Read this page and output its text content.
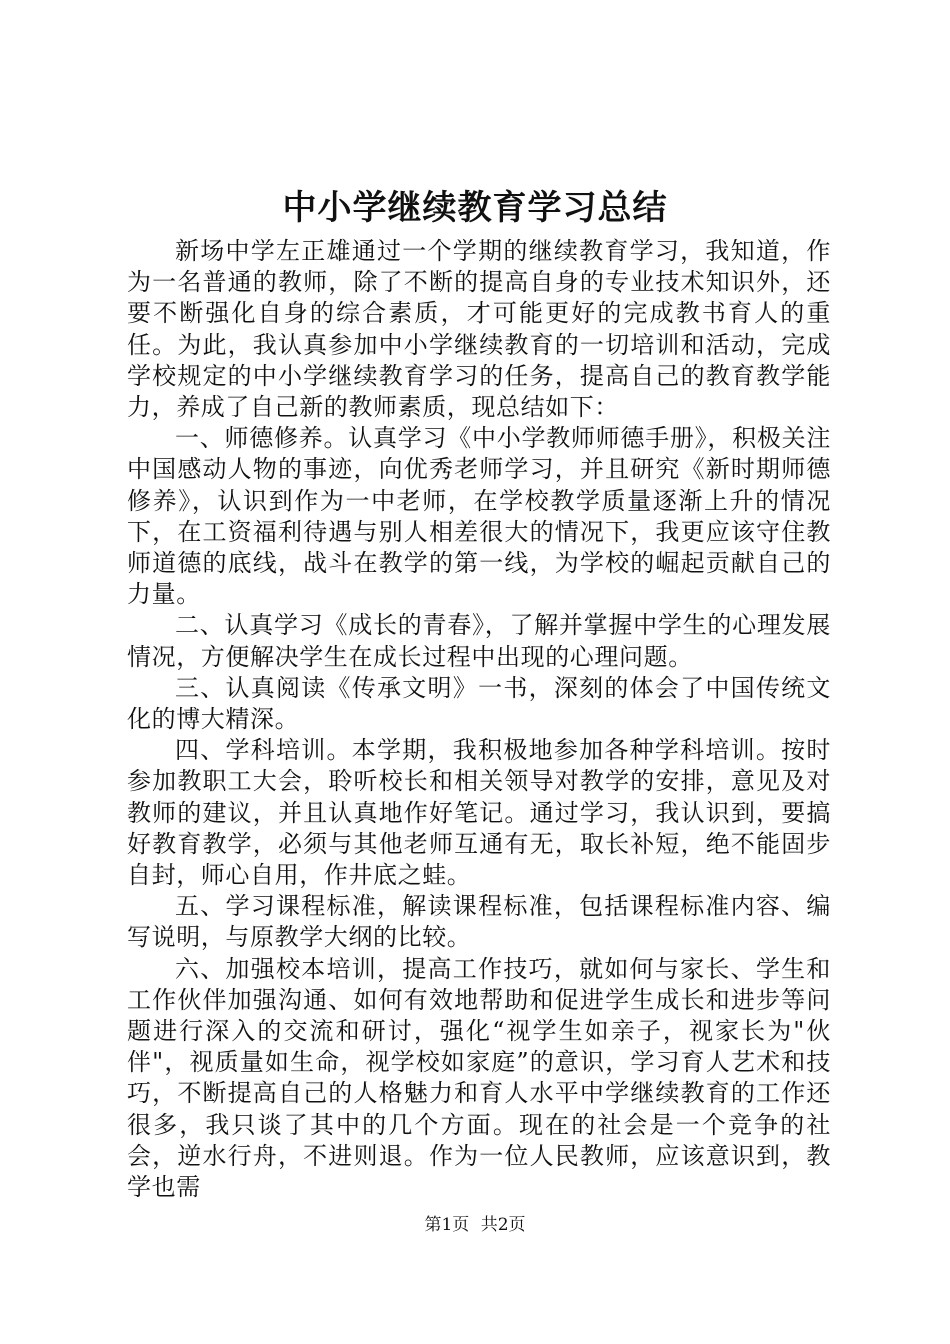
中小学继续教育学习总结

新场中学左正雄通过一个学期的继续教育学习，我知道，作为一名普通的教师，除了不断的提高自身的专业技术知识外，还要不断强化自身的综合素质，才可能更好的完成教书育人的重任。为此，我认真参加中小学继续教育的一切培训和活动，完成学校规定的中小学继续教育学习的任务，提高自己的教育教学能力，养成了自己新的教师素质，现总结如下：

一、师德修养。认真学习《中小学教师师德手册》，积极关注中国感动人物的事迹，向优秀老师学习，并且研究《新时期师德修养》，认识到作为一中老师，在学校教学质量逐渐上升的情况下，在工资福利待遇与别人相差很大的情况下，我更应该守住教师道德的底线，战斗在教学的第一线，为学校的崛起贡献自己的力量。

二、认真学习《成长的青春》，了解并掌握中学生的心理发展情况，方便解决学生在成长过程中出现的心理问题。

三、认真阅读《传承文明》一书，深刻的体会了中国传统文化的博大精深。

四、学科培训。本学期，我积极地参加各种学科培训。按时参加教职工大会，聆听校长和相关领导对教学的安排，意见及对教师的建议，并且认真地作好笔记。通过学习，我认识到，要搞好教育教学，必须与其他老师互通有无，取长补短，绝不能固步自封，师心自用，作井底之蛙。

五、学习课程标准，解读课程标准，包括课程标准内容、编写说明，与原教学大纲的比较。

六、加强校本培训，提高工作技巧，就如何与家长、学生和工作伙伴加强沟通、如何有效地帮助和促进学生成长和进步等问题进行深入的交流和研讨，强化“视学生如亲子，视家长为"伙伴"，视质量如生命，视学校如家庭”的意识，学习育人艺术和技巧，不断提高自己的人格魅力和育人水平中学继续教育的工作还很多，我只谈了其中的几个方面。现在的社会是一个竞争的社会，逆水行舟，不进则退。作为一位人民教师，应该意识到，教学也需

第1页 共2页
